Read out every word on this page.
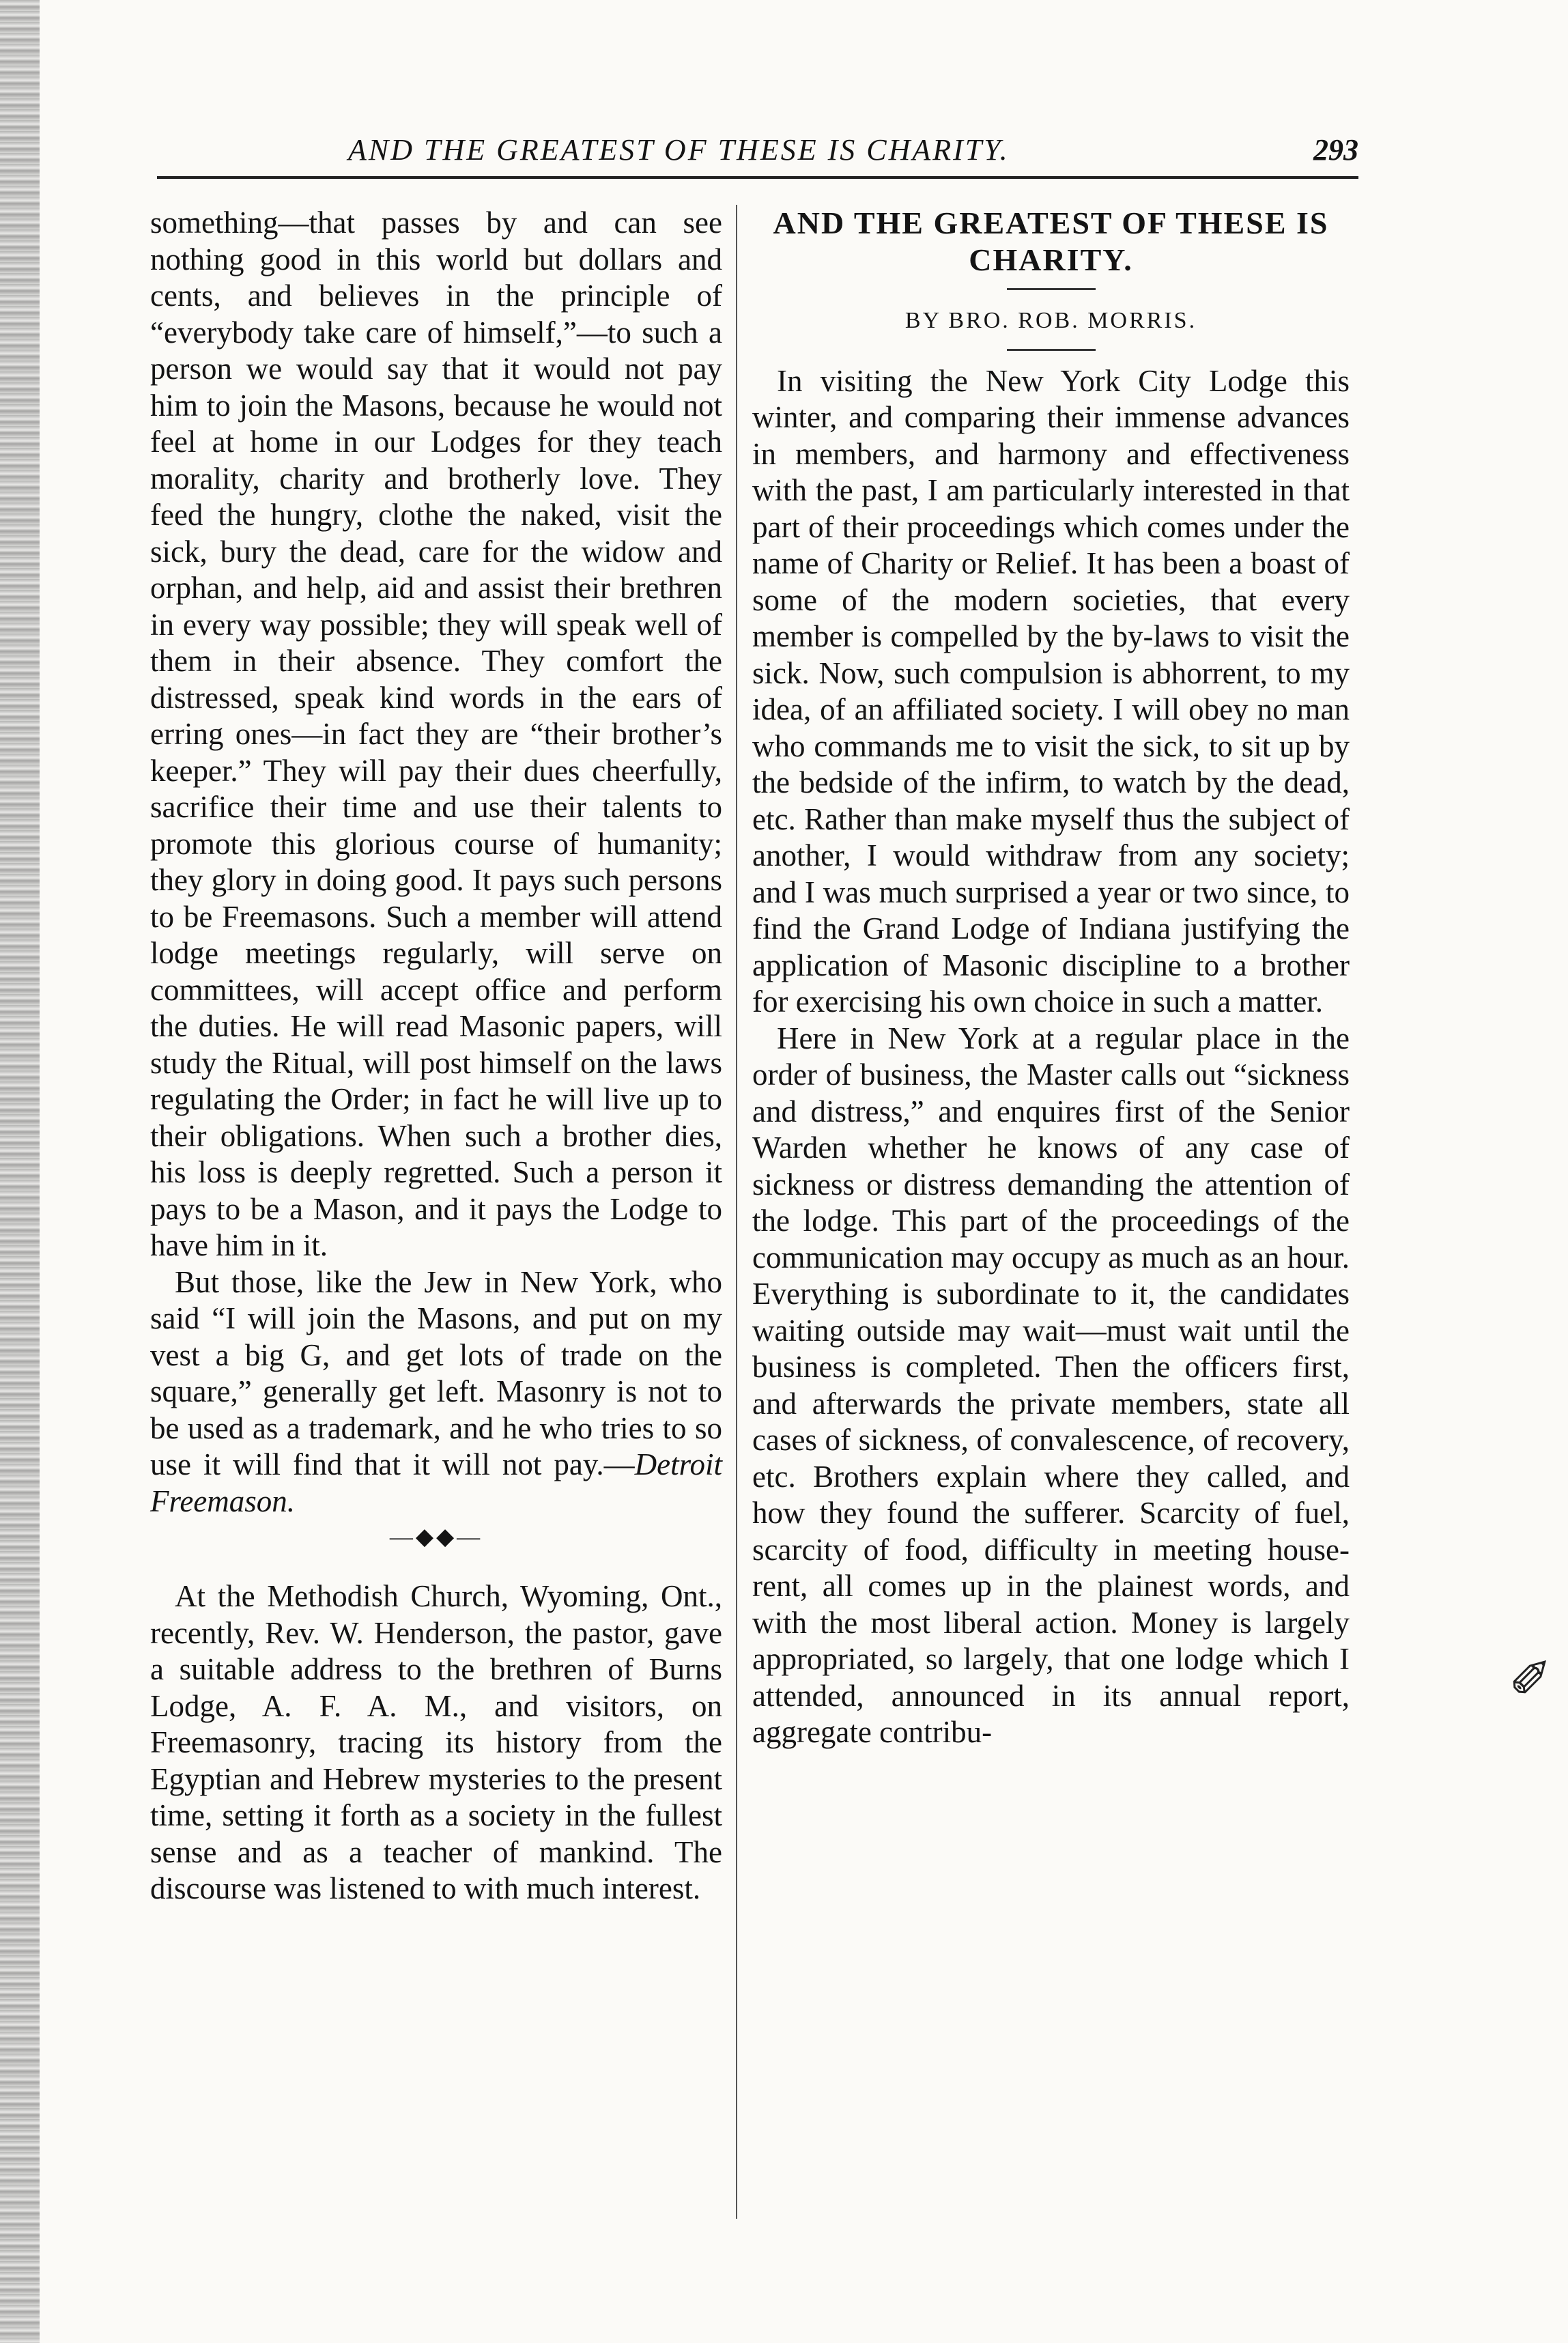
AND THE GREATEST OF THESE IS CHARITY.	293

something—that passes by and can see nothing good in this world but dollars and cents, and believes in the principle of “everybody take care of himself,”—to such a person we would say that it would not pay him to join the Masons, because he would not feel at home in our Lodges for they teach morality, charity and brotherly love. They feed the hungry, clothe the naked, visit the sick, bury the dead, care for the widow and orphan, and help, aid and assist their brethren in every way possible; they will speak well of them in their absence. They comfort the distressed, speak kind words in the ears of erring ones—in fact they are “their brother’s keeper.” They will pay their dues cheerfully, sacrifice their time and use their talents to promote this glorious course of humanity; they glory in doing good. It pays such persons to be Freemasons. Such a member will attend lodge meetings regularly, will serve on committees, will accept office and perform the duties. He will read Masonic papers, will study the Ritual, will post himself on the laws regulating the Order; in fact he will live up to their obligations. When such a brother dies, his loss is deeply regretted. Such a person it pays to be a Mason, and it pays the Lodge to have him in it.

But those, like the Jew in New York, who said “I will join the Masons, and put on my vest a big G, and get lots of trade on the square,” generally get left. Masonry is not to be used as a trademark, and he who tries to so use it will find that it will not pay.—Detroit Freemason.

—◆◆—

At the Methodish Church, Wyoming, Ont., recently, Rev. W. Henderson, the pastor, gave a suitable address to the brethren of Burns Lodge, A. F. A. M., and visitors, on Freemasonry, tracing its history from the Egyptian and Hebrew mysteries to the present time, setting it forth as a society in the fullest sense and as a teacher of mankind. The discourse was listened to with much interest.

AND THE GREATEST OF THESE IS CHARITY.
BY BRO. ROB. MORRIS.

In visiting the New York City Lodge this winter, and comparing their immense advances in members, and harmony and effectiveness with the past, I am particularly interested in that part of their proceedings which comes under the name of Charity or Relief. It has been a boast of some of the modern societies, that every member is compelled by the by-laws to visit the sick. Now, such compulsion is abhorrent, to my idea, of an affiliated society. I will obey no man who commands me to visit the sick, to sit up by the bedside of the infirm, to watch by the dead, etc. Rather than make myself thus the subject of another, I would withdraw from any society; and I was much surprised a year or two since, to find the Grand Lodge of Indiana justifying the application of Masonic discipline to a brother for exercising his own choice in such a matter.

Here in New York at a regular place in the order of business, the Master calls out “sickness and distress,” and enquires first of the Senior Warden whether he knows of any case of sickness or distress demanding the attention of the lodge. This part of the proceedings of the communication may occupy as much as an hour. Everything is subordinate to it, the candidates waiting outside may wait—must wait until the business is completed. Then the officers first, and afterwards the private members, state all cases of sickness, of convalescence, of recovery, etc. Brothers explain where they called, and how they found the sufferer. Scarcity of fuel, scarcity of food, difficulty in meeting house-rent, all comes up in the plainest words, and with the most liberal action. Money is largely appropriated, so largely, that one lodge which I attended, announced in its annual report, aggregate contribu-

✐
